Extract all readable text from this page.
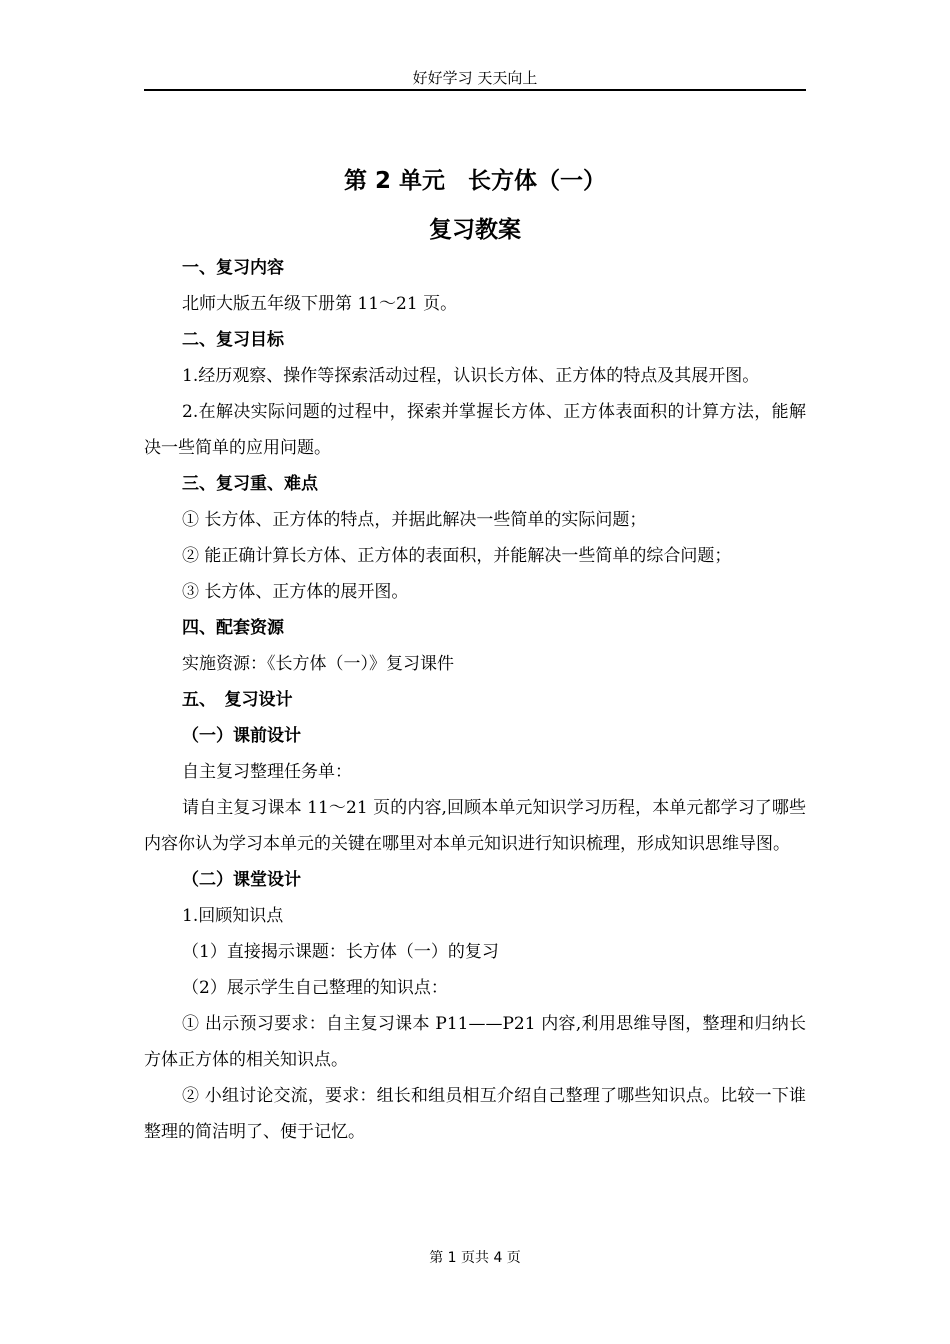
好好学习 天天向上
第 2 单元　长方体（一）
复习教案

一、复习内容

北师大版五年级下册第 11～21 页。

二、复习目标

1.经历观察、操作等探索活动过程，认识长方体、正方体的特点及其展开图。

2.在解决实际问题的过程中，探索并掌握长方体、正方体表面积的计算方法，能解决一些简单的应用问题。

三、复习重、难点

① 长方体、正方体的特点，并据此解决一些简单的实际问题；

② 能正确计算长方体、正方体的表面积，并能解决一些简单的综合问题；

③ 长方体、正方体的展开图。

四、配套资源

实施资源：《长方体（一）》复习课件

五、　复习设计

（一）课前设计

自主复习整理任务单：

请自主复习课本 11～21 页的内容,回顾本单元知识学习历程，本单元都学习了哪些内容你认为学习本单元的关键在哪里对本单元知识进行知识梳理，形成知识思维导图。

（二）课堂设计

1.回顾知识点

（1）直接揭示课题：长方体（一）的复习

（2）展示学生自己整理的知识点：

① 出示预习要求：自主复习课本 P11——P21 内容,利用思维导图，整理和归纳长方体正方体的相关知识点。

② 小组讨论交流，要求：组长和组员相互介绍自己整理了哪些知识点。比较一下谁整理的简洁明了、便于记忆。

第 1 页共 4 页
